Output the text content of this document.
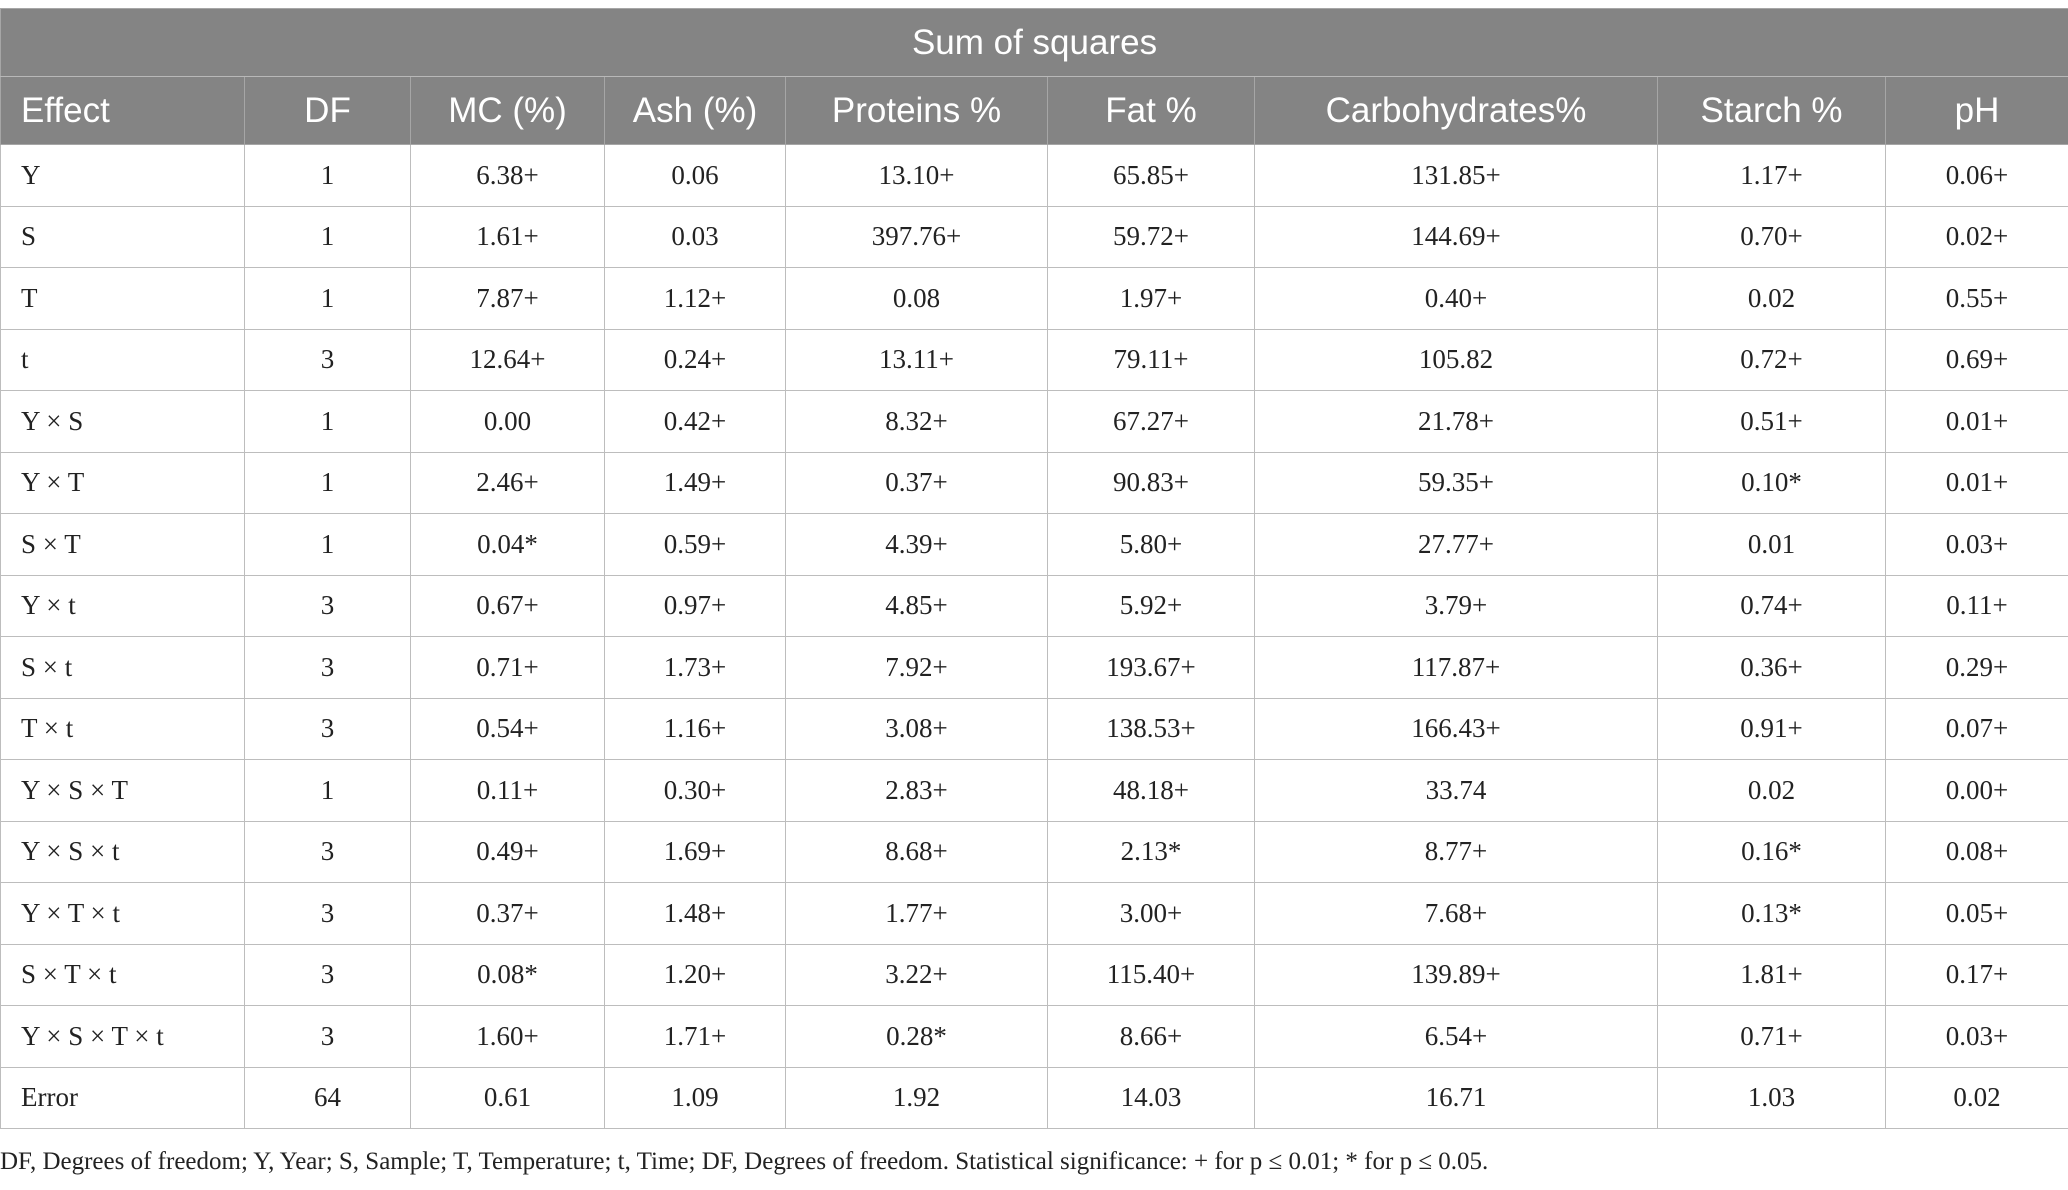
Sum of squares								
Effect	DF	MC (%)	Ash (%)	Proteins %	Fat %	Carbohydrates%	Starch %	pH
Y	1	6.38+	0.06	13.10+	65.85+	131.85+	1.17+	0.06+
S	1	1.61+	0.03	397.76+	59.72+	144.69+	0.70+	0.02+
T	1	7.87+	1.12+	0.08	1.97+	0.40+	0.02	0.55+
t	3	12.64+	0.24+	13.11+	79.11+	105.82	0.72+	0.69+
Y × S	1	0.00	0.42+	8.32+	67.27+	21.78+	0.51+	0.01+
Y × T	1	2.46+	1.49+	0.37+	90.83+	59.35+	0.10*	0.01+
S × T	1	0.04*	0.59+	4.39+	5.80+	27.77+	0.01	0.03+
Y × t	3	0.67+	0.97+	4.85+	5.92+	3.79+	0.74+	0.11+
S × t	3	0.71+	1.73+	7.92+	193.67+	117.87+	0.36+	0.29+
T × t	3	0.54+	1.16+	3.08+	138.53+	166.43+	0.91+	0.07+
Y × S × T	1	0.11+	0.30+	2.83+	48.18+	33.74	0.02	0.00+
Y × S × t	3	0.49+	1.69+	8.68+	2.13*	8.77+	0.16*	0.08+
Y × T × t	3	0.37+	1.48+	1.77+	3.00+	7.68+	0.13*	0.05+
S × T × t	3	0.08*	1.20+	3.22+	115.40+	139.89+	1.81+	0.17+
Y × S × T × t	3	1.60+	1.71+	0.28*	8.66+	6.54+	0.71+	0.03+
Error	64	0.61	1.09	1.92	14.03	16.71	1.03	0.02
DF, Degrees of freedom; Y, Year; S, Sample; T, Temperature; t, Time; DF, Degrees of freedom. Statistical significance: + for p ≤ 0.01; * for p ≤ 0.05.
